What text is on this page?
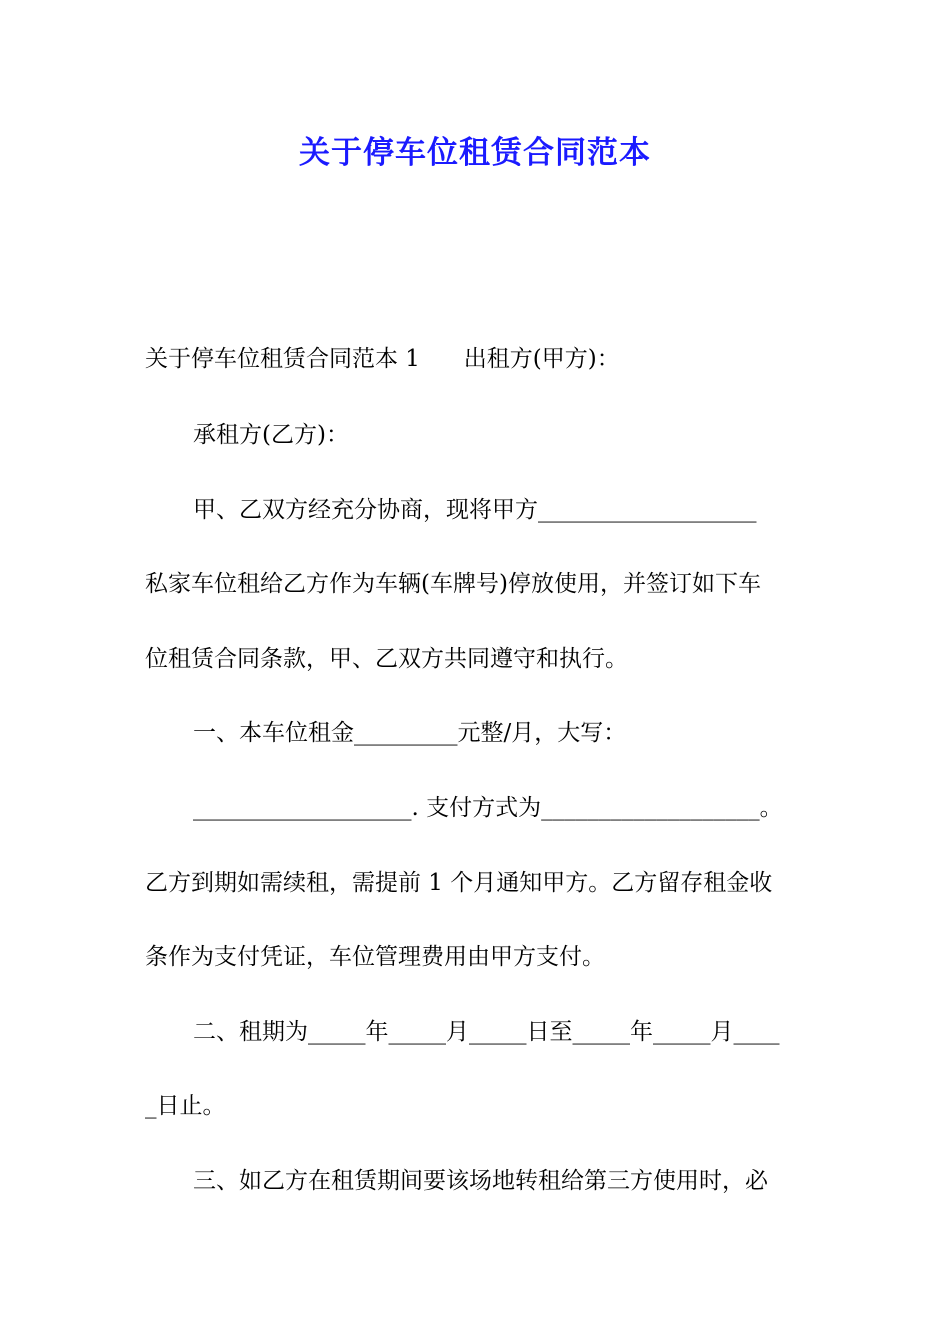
关于停车位租赁合同范本
关于停车位租赁合同范本 1      出租方(甲方)：
承租方(乙方)：
甲、乙双方经充分协商，现将甲方___________________
私家车位租给乙方作为车辆(车牌号)停放使用，并签订如下车
位租赁合同条款，甲、乙双方共同遵守和执行。
一、本车位租金_________元整/月，大写：
___________________. 支付方式为___________________。
乙方到期如需续租，需提前 1 个月通知甲方。乙方留存租金收
条作为支付凭证，车位管理费用由甲方支付。
二、租期为_____年_____月_____日至_____年_____月____
_日止。
三、如乙方在租赁期间要该场地转租给第三方使用时，必
